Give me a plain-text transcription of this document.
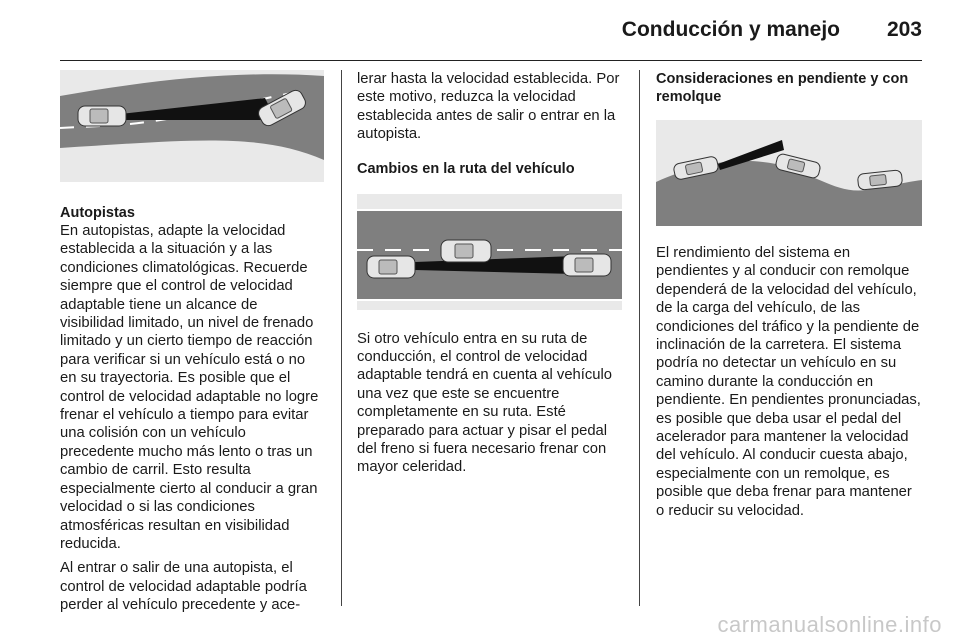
Conducción y manejo 203
Autopistas

En autopistas, adapte la velocidad establecida a la situación y a las condiciones climatológicas. Recuerde siempre que el control de velocidad adaptable tiene un alcance de visibilidad limitado, un nivel de frenado limitado y un cierto tiempo de reacción para verificar si un vehículo está o no en su trayectoria. Es posible que el control de velocidad adaptable no logre frenar el vehículo a tiempo para evitar una colisión con un vehículo precedente mucho más lento o tras un cambio de carril. Esto resulta especialmente cierto al conducir a gran velocidad o si las condiciones atmosféricas resultan en visibilidad reducida.

Al entrar o salir de una autopista, el control de velocidad adaptable podría perder al vehículo precedente y ace-

lerar hasta la velocidad establecida. Por este motivo, reduzca la velocidad establecida antes de salir o entrar en la autopista.

Cambios en la ruta del vehículo

Si otro vehículo entra en su ruta de conducción, el control de velocidad adaptable tendrá en cuenta al vehículo una vez que este se encuentre completamente en su ruta. Esté preparado para actuar y pisar el pedal del freno si fuera necesario frenar con mayor celeridad.

Consideraciones en pendiente y con remolque

El rendimiento del sistema en pendientes y al conducir con remolque dependerá de la velocidad del vehículo, de la carga del vehículo, de las condiciones del tráfico y la pendiente de inclinación de la carretera. El sistema podría no detectar un vehículo en su camino durante la conducción en pendiente. En pendientes pronunciadas, es posible que deba usar el pedal del acelerador para mantener la velocidad del vehículo. Al conducir cuesta abajo, especialmente con un remolque, es posible que deba frenar para mantener o reducir su velocidad.

carmanualsonline.info
